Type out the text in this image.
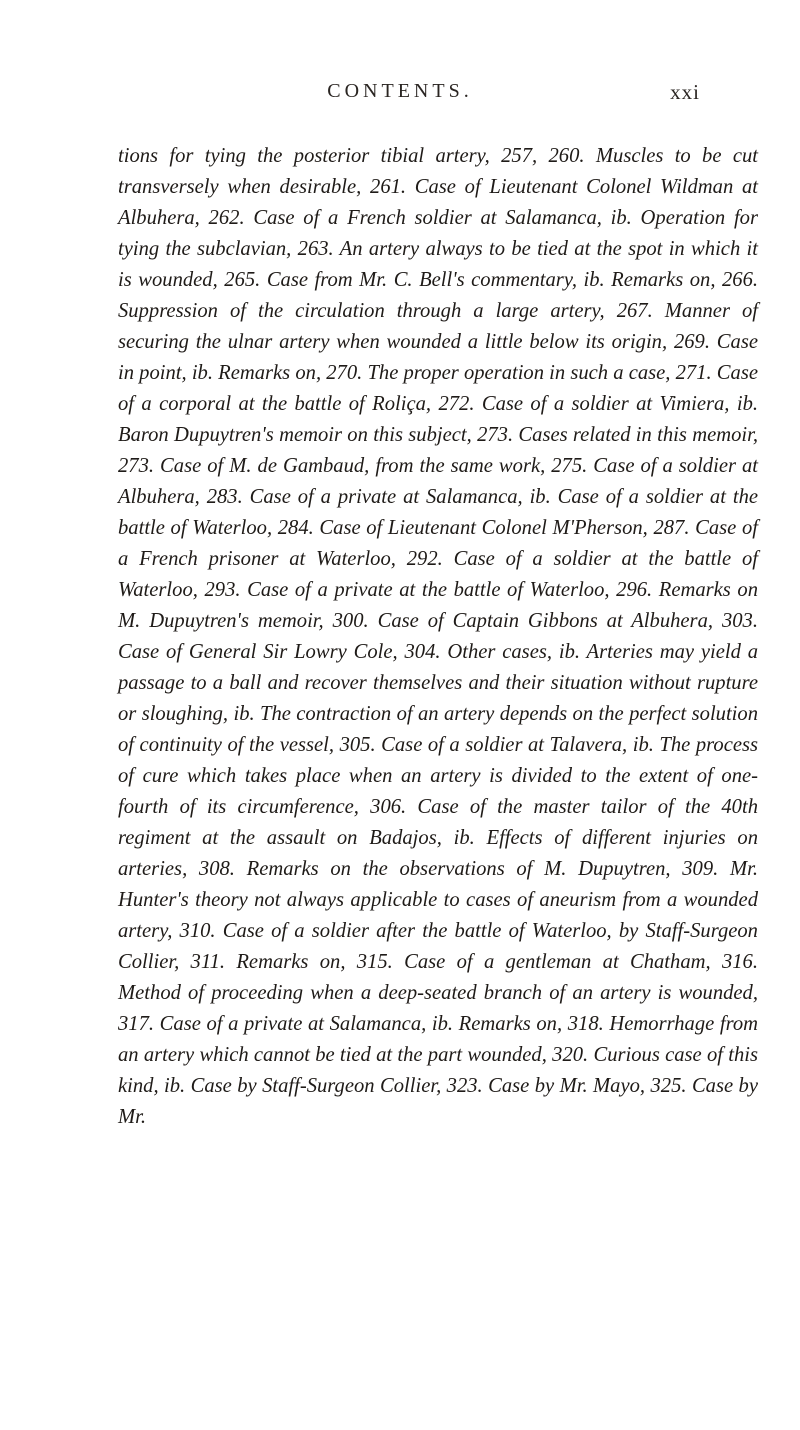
CONTENTS.	xxi
tions for tying the posterior tibial artery, 257, 260. Muscles to be cut transversely when desirable, 261. Case of Lieutenant Colonel Wildman at Albuhera, 262. Case of a French soldier at Salamanca, ib. Operation for tying the subclavian, 263. An artery always to be tied at the spot in which it is wounded, 265. Case from Mr. C. Bell's commentary, ib. Remarks on, 266. Suppression of the circulation through a large artery, 267. Manner of securing the ulnar artery when wounded a little below its origin, 269. Case in point, ib. Remarks on, 270. The proper operation in such a case, 271. Case of a corporal at the battle of Roliça, 272. Case of a soldier at Vimiera, ib. Baron Dupuytren's memoir on this subject, 273. Cases related in this memoir, 273. Case of M. de Gambaud, from the same work, 275. Case of a soldier at Albuhera, 283. Case of a private at Salamanca, ib. Case of a soldier at the battle of Waterloo, 284. Case of Lieutenant Colonel M'Pherson, 287. Case of a French prisoner at Waterloo, 292. Case of a soldier at the battle of Waterloo, 293. Case of a private at the battle of Waterloo, 296. Remarks on M. Dupuytren's memoir, 300. Case of Captain Gibbons at Albuhera, 303. Case of General Sir Lowry Cole, 304. Other cases, ib. Arteries may yield a passage to a ball and recover themselves and their situation without rupture or sloughing, ib. The contraction of an artery depends on the perfect solution of continuity of the vessel, 305. Case of a soldier at Talavera, ib. The process of cure which takes place when an artery is divided to the extent of one-fourth of its circumference, 306. Case of the master tailor of the 40th regiment at the assault on Badajos, ib. Effects of different injuries on arteries, 308. Remarks on the observations of M. Dupuytren, 309. Mr. Hunter's theory not always applicable to cases of aneurism from a wounded artery, 310. Case of a soldier after the battle of Waterloo, by Staff-Surgeon Collier, 311. Remarks on, 315. Case of a gentleman at Chatham, 316. Method of proceeding when a deep-seated branch of an artery is wounded, 317. Case of a private at Salamanca, ib. Remarks on, 318. Hemorrhage from an artery which cannot be tied at the part wounded, 320. Curious case of this kind, ib. Case by Staff-Surgeon Collier, 323. Case by Mr. Mayo, 325. Case by Mr.
